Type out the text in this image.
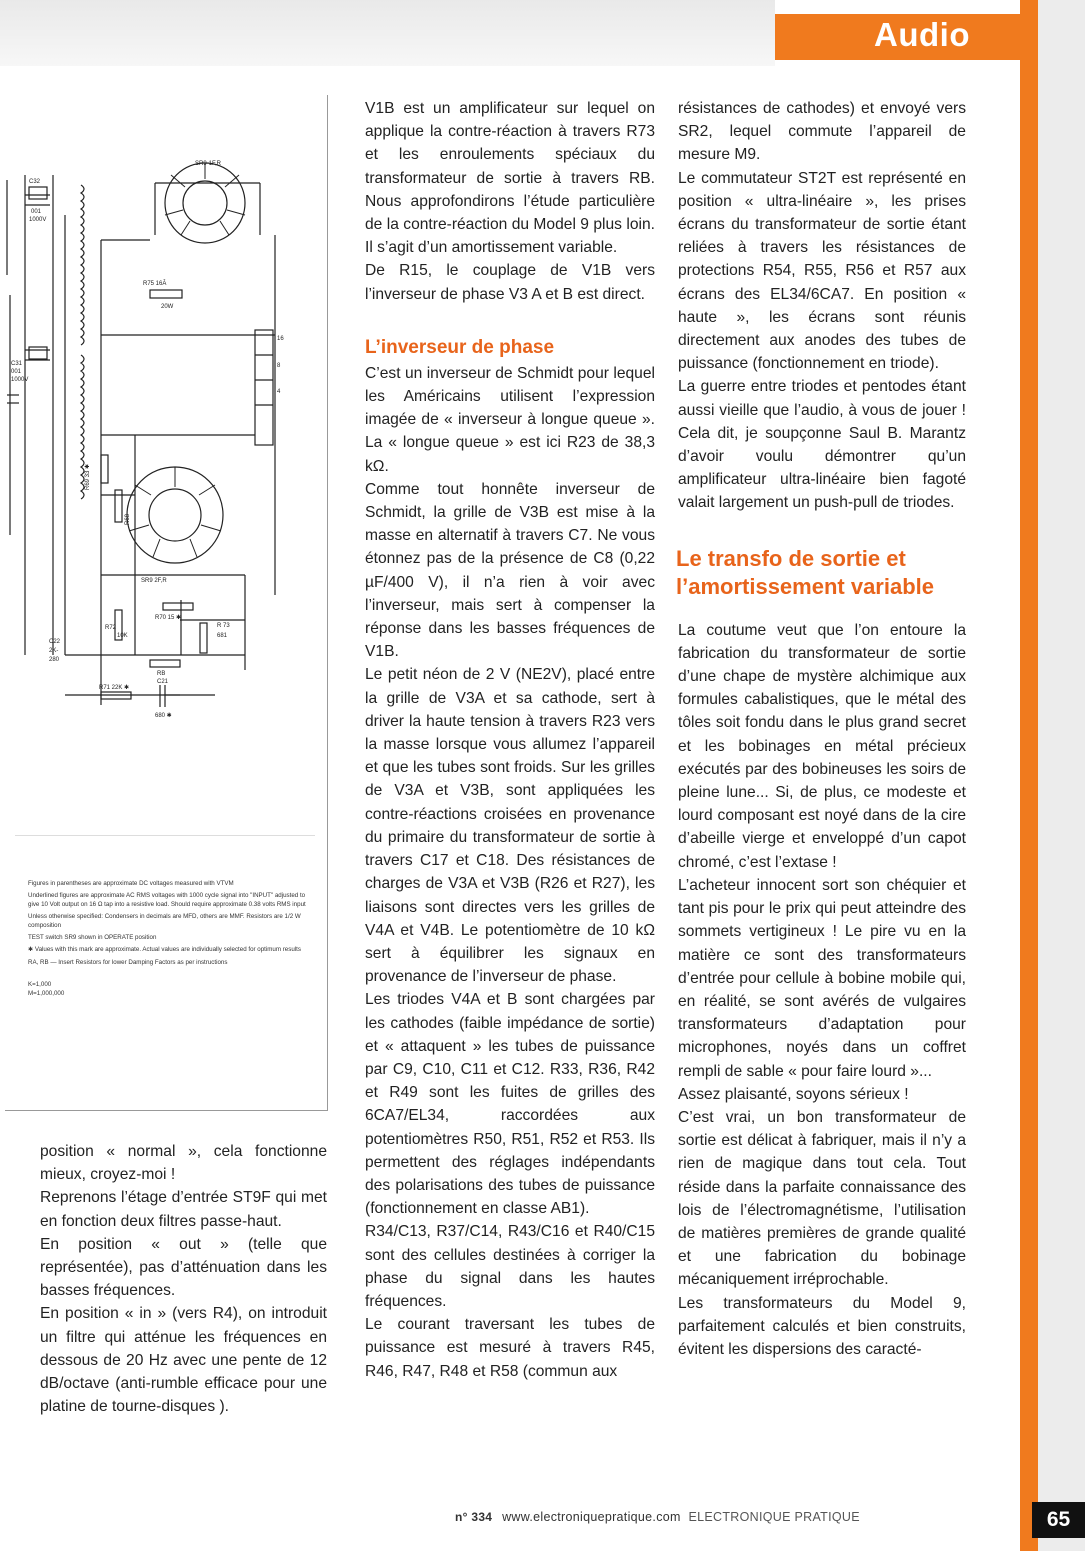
Audio
SR9-1F,R
R75 16Ā
20W
16
8
4
C32
001
1000V
C31
001
1000V
R69 33 ✱
R68
SR9 2F,R
R70 15 ✱
R72
10K
R 73
681
C22
2K-
280
RB
R71 22K ✱
C21
680 ✱

Figures in parentheses are approximate DC voltages measured with VTVM

Underlined figures are approximate AC RMS voltages with 1000 cycle signal into "INPUT" adjusted to give 10 Volt output on 16 Ω tap into a resistive load. Should require approximate 0.38 volts RMS input

Unless otherwise specified: Condensers in decimals are MFD, others are MMF. Resistors are 1/2 W composition

TEST switch SR9 shown in OPERATE position

✱ Values with this mark are approximate. Actual values are individually selected for optimum results

RA, RB — Insert Resistors for lower Damping Factors as per instructions

K=1,000

M=1,000,000

position « normal », cela fonctionne mieux, croyez-moi !

Reprenons l’étage d’entrée ST9F qui met en fonction deux filtres passe-haut.

En position « out » (telle que représentée), pas d’atténuation dans les basses fréquences.

En position « in » (vers R4), on introduit un filtre qui atténue les fréquences en dessous de 20 Hz avec une pente de 12 dB/octave (anti-rumble efficace pour une platine de tourne-disques ).

V1B est un amplificateur sur lequel on applique la contre-réaction à travers R73 et les enroulements spéciaux du transformateur de sortie à travers RB. Nous approfondirons l’étude particulière de la contre-réaction du Model 9 plus loin. Il s’agit d’un amortissement variable.

De R15, le couplage de V1B vers l’inverseur de phase V3 A et B est direct.

L’inverseur de phase

C’est un inverseur de Schmidt pour lequel les Américains utilisent l’expression imagée de « inverseur à longue queue ». La « longue queue » est ici R23 de 38,3 kΩ.

Comme tout honnête inverseur de Schmidt, la grille de V3B est mise à la masse en alternatif à travers C7. Ne vous étonnez pas de la présence de C8 (0,22 µF/400 V), il n’a rien à voir avec l’inverseur, mais sert à compenser la réponse dans les basses fréquences de V1B.

Le petit néon de 2 V (NE2V), placé entre la grille de V3A et sa cathode, sert à driver la haute tension à travers R23 vers la masse lorsque vous allumez l’appareil et que les tubes sont froids. Sur les grilles de V3A et V3B, sont appliquées les contre-réactions croisées en provenance du primaire du transformateur de sortie à travers C17 et C18. Des résistances de charges de V3A et V3B (R26 et R27), les liaisons sont directes vers les grilles de V4A et V4B. Le potentiomètre de 10 kΩ sert à équilibrer les signaux en provenance de l’inverseur de phase.

Les triodes V4A et B sont chargées par les cathodes (faible impédance de sortie) et « attaquent » les tubes de puissance par C9, C10, C11 et C12. R33, R36, R42 et R49 sont les fuites de grilles des 6CA7/EL34, raccordées aux potentiomètres R50, R51, R52 et R53. Ils permettent des réglages indépendants des polarisations des tubes de puissance (fonctionnement en classe AB1).

R34/C13, R37/C14, R43/C16 et R40/C15 sont des cellules destinées à corriger la phase du signal dans les hautes fréquences.

Le courant traversant les tubes de puissance est mesuré à travers R45, R46, R47, R48 et R58 (commun aux

résistances de cathodes) et envoyé vers SR2, lequel commute l’appareil de mesure M9.

Le commutateur ST2T est représenté en position « ultra-linéaire », les prises écrans du transformateur de sortie étant reliées à travers les résistances de protections R54, R55, R56 et R57 aux écrans des EL34/6CA7. En position « haute », les écrans sont réunis directement aux anodes des tubes de puissance (fonctionnement en triode).

La guerre entre triodes et pentodes étant aussi vieille que l’audio, à vous de jouer ! Cela dit, je soupçonne Saul B. Marantz d’avoir voulu démontrer qu’un amplificateur ultra-linéaire bien fagoté valait largement un push-pull de triodes.

Le transfo de sortie et
l’amortissement variable

La coutume veut que l’on entoure la fabrication du transformateur de sortie d’une chape de mystère alchimique aux formules cabalistiques, que le métal des tôles soit fondu dans le plus grand secret et les bobinages en métal précieux exécutés par des bobineuses les soirs de pleine lune... Si, de plus, ce modeste et lourd composant est noyé dans de la cire d’abeille vierge et enveloppé d’un capot chromé, c’est l’extase !

L’acheteur innocent sort son chéquier et tant pis pour le prix qui peut atteindre des sommets vertigineux ! Le pire vu en la matière ce sont des transformateurs d’entrée pour cellule à bobine mobile qui, en réalité, se sont avérés de vulgaires transformateurs d’adaptation pour microphones, noyés dans un coffret rempli de sable « pour faire lourd »...

Assez plaisanté, soyons sérieux !

C’est vrai, un bon transformateur de sortie est délicat à fabriquer, mais il n’y a rien de magique dans tout cela. Tout réside dans la parfaite connaissance des lois de l’électromagnétisme, l’utilisation de matières premières de grande qualité et une fabrication du bobinage mécaniquement irréprochable.

Les transformateurs du Model 9, parfaitement calculés et bien construits, évitent les dispersions des caracté-

n° 334 www.electroniquepratique.com ELECTRONIQUE PRATIQUE	65
